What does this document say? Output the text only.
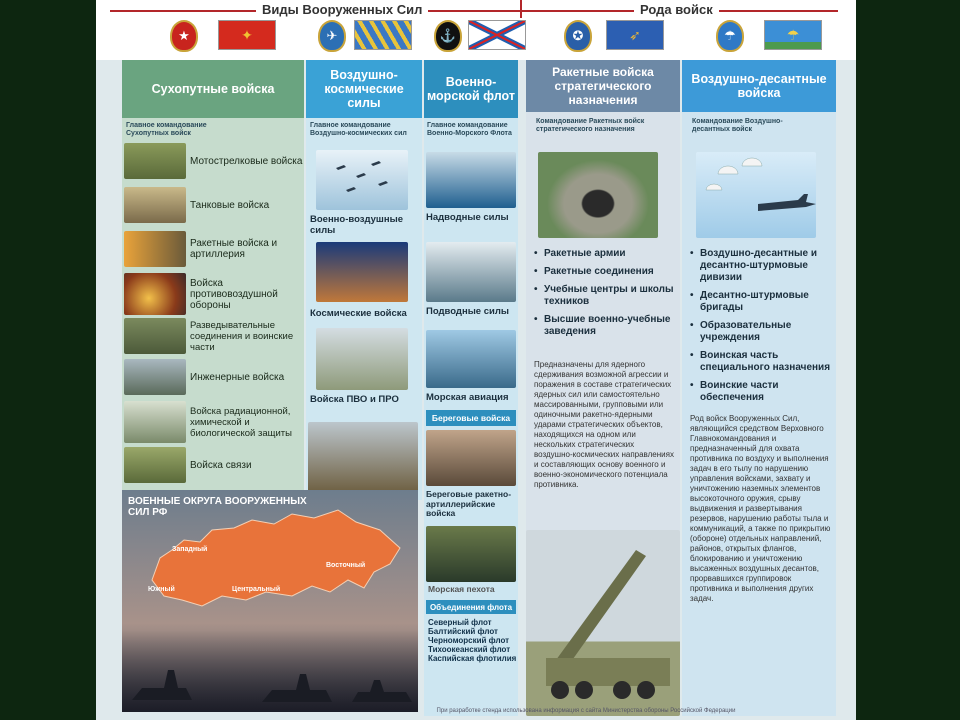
Виды Вооруженных Сил	Рода войск
★	✦	✈	⚓	✪	➶	☂	☂
Сухопутные войска
Главное командование Сухопутных войск
Мотострелковые войска
Танковые войска
Ракетные войска и артиллерия
Войска противовоздушной обороны
Разведывательные соединения и воинские части
Инженерные войска
Войска радиационной, химической и биологической защиты
Войска связи
Воздушно-космические силы
Главное командование Воздушно-космических сил
Военно-воздушные силы
Космические войска
Войска ПВО и ПРО
Военно-морской флот
Главное командование Военно-Морского Флота
Надводные силы
Подводные силы
Морская авиация
Береговые войска
Береговые ракетно-артиллерийские войска
Морская пехота
Объединения флота
Северный флот
Балтийский флот
Черноморский флот
Тихоокеанский флот
Каспийская флотилия
Ракетные войска стратегического назначения
Командование Ракетных войск стратегического назначения
• Ракетные армии
• Ракетные соединения
• Учебные центры и школы техников
• Высшие военно-учебные заведения
Предназначены для ядерного сдерживания возможной агрессии и поражения в составе стратегических ядерных сил или самостоятельно массированными, групповыми или одиночными ракетно-ядерными ударами стратегических объектов, находящихся на одном или нескольких стратегических воздушно-космических направлениях и составляющих основу военного и военно-экономического потенциала противника.
Воздушно-десантные войска
Командование Воздушно-десантных войск
• Воздушно-десантные и десантно-штурмовые дивизии
• Десантно-штурмовые бригады
• Образовательные учреждения
• Воинская часть специального назначения
• Воинские части обеспечения
Род войск Вооруженных Сил, являющийся средством Верховного Главнокомандования и предназначенный для охвата противника по воздуху и выполнения задач в его тылу по нарушению управления войсками, захвату и уничтожению наземных элементов высокоточного оружия, срыву выдвижения и развертывания резервов, нарушению работы тыла и коммуникаций, а также по прикрытию (обороне) отдельных направлений, районов, открытых флангов, блокированию и уничтожению высаженных воздушных десантов, прорвавшихся группировок противника и выполнения других задач.
ВОЕННЫЕ ОКРУГА ВООРУЖЕННЫХ СИЛ РФ
Западный
Южный	Центральный
Восточный
При разработке стенда использована информация с сайта Министерства обороны Российской Федерации
